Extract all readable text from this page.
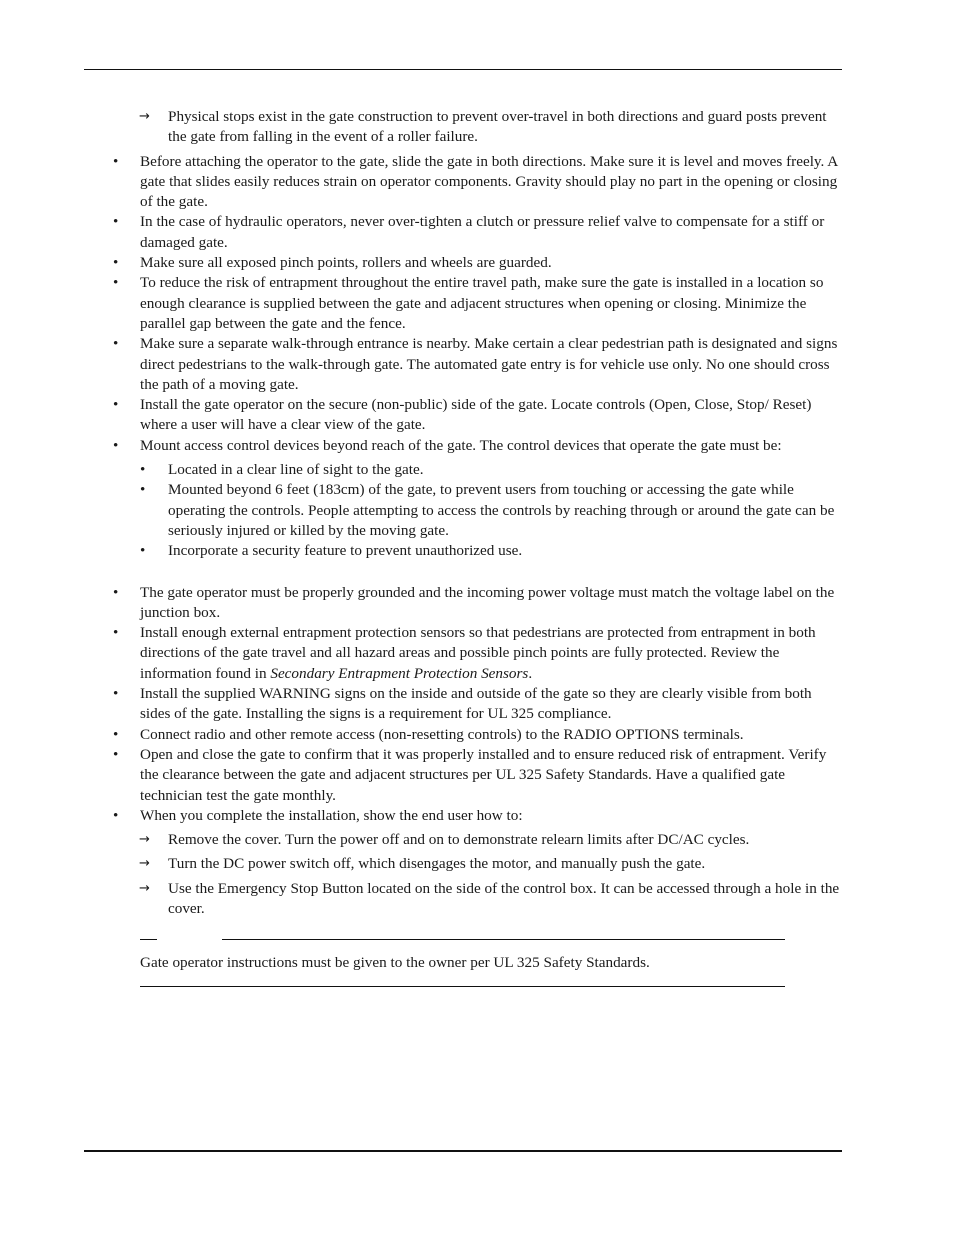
→ Physical stops exist in the gate construction to prevent over-travel in both directions and guard posts prevent the gate from falling in the event of a roller failure.
• Before attaching the operator to the gate, slide the gate in both directions. Make sure it is level and moves freely. A gate that slides easily reduces strain on operator components. Gravity should play no part in the opening or closing of the gate.
• In the case of hydraulic operators, never over-tighten a clutch or pressure relief valve to compensate for a stiff or damaged gate.
• Make sure all exposed pinch points, rollers and wheels are guarded.
• To reduce the risk of entrapment throughout the entire travel path, make sure the gate is installed in a location so enough clearance is supplied between the gate and adjacent structures when opening or closing. Minimize the parallel gap between the gate and the fence.
• Make sure a separate walk-through entrance is nearby. Make certain a clear pedestrian path is designated and signs direct pedestrians to the walk-through gate. The automated gate entry is for vehicle use only. No one should cross the path of a moving gate.
• Install the gate operator on the secure (non-public) side of the gate. Locate controls (Open, Close, Stop/ Reset) where a user will have a clear view of the gate.
• Mount access control devices beyond reach of the gate. The control devices that operate the gate must be:
• Located in a clear line of sight to the gate.
• Mounted beyond 6 feet (183cm) of the gate, to prevent users from touching or accessing the gate while operating the controls. People attempting to access the controls by reaching through or around the gate can be seriously injured or killed by the moving gate.
• Incorporate a security feature to prevent unauthorized use.
• The gate operator must be properly grounded and the incoming power voltage must match the voltage label on the junction box.
• Install enough external entrapment protection sensors so that pedestrians are protected from entrapment in both directions of the gate travel and all hazard areas and possible pinch points are fully protected. Review the information found in Secondary Entrapment Protection Sensors.
• Install the supplied WARNING signs on the inside and outside of the gate so they are clearly visible from both sides of the gate. Installing the signs is a requirement for UL 325 compliance.
• Connect radio and other remote access (non-resetting controls) to the RADIO OPTIONS terminals.
• Open and close the gate to confirm that it was properly installed and to ensure reduced risk of entrapment. Verify the clearance between the gate and adjacent structures per UL 325 Safety Standards. Have a qualified gate technician test the gate monthly.
• When you complete the installation, show the end user how to:
→ Remove the cover. Turn the power off and on to demonstrate relearn limits after DC/AC cycles.
→ Turn the DC power switch off, which disengages the motor, and manually push the gate.
→ Use the Emergency Stop Button located on the side of the control box. It can be accessed through a hole in the cover.
Gate operator instructions must be given to the owner per UL 325 Safety Standards.
